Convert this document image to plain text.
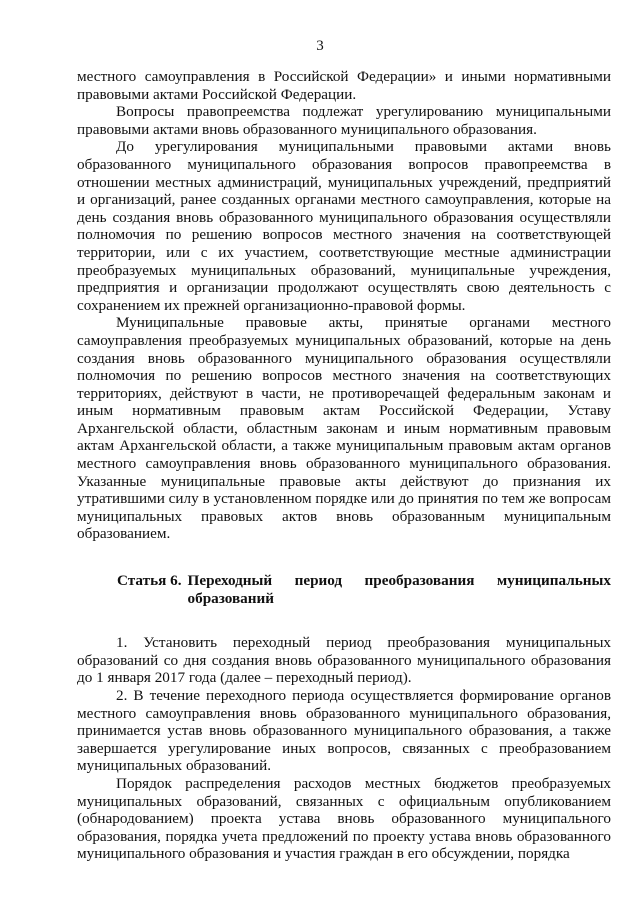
3

местного самоуправления в Российской Федерации» и иными нормативными правовыми актами Российской Федерации.

Вопросы правопреемства подлежат урегулированию муниципальными правовыми актами вновь образованного муниципального образования.

До урегулирования муниципальными правовыми актами вновь образованного муниципального образования вопросов правопреемства в отношении местных администраций, муниципальных учреждений, предприятий и организаций, ранее созданных органами местного самоуправления, которые на день создания вновь образованного муниципального образования осуществляли полномочия по решению вопросов местного значения на соответствующей территории, или с их участием, соответствующие местные администрации преобразуемых муниципальных образований, муниципальные учреждения, предприятия и организации продолжают осуществлять свою деятельность с сохранением их прежней организационно-правовой формы.

Муниципальные правовые акты, принятые органами местного самоуправления преобразуемых муниципальных образований, которые на день создания вновь образованного муниципального образования осуществляли полномочия по решению вопросов местного значения на соответствующих территориях, действуют в части, не противоречащей федеральным законам и иным нормативным правовым актам Российской Федерации, Уставу Архангельской области, областным законам и иным нормативным правовым актам Архангельской области, а также муниципальным правовым актам органов местного самоуправления вновь образованного муниципального образования. Указанные муниципальные правовые акты действуют до признания их утратившими силу в установленном порядке или до принятия по тем же вопросам муниципальных правовых актов вновь образованным муниципальным образованием.

Статья 6. Переходный период преобразования муниципальных образований

1. Установить переходный период преобразования муниципальных образований со дня создания вновь образованного муниципального образования до 1 января 2017 года (далее – переходный период).

2. В течение переходного периода осуществляется формирование органов местного самоуправления вновь образованного муниципального образования, принимается устав вновь образованного муниципального образования, а также завершается урегулирование иных вопросов, связанных с преобразованием муниципальных образований.

Порядок распределения расходов местных бюджетов преобразуемых муниципальных образований, связанных с официальным опубликованием (обнародованием) проекта устава вновь образованного муниципального образования, порядка учета предложений по проекту устава вновь образованного муниципального образования и участия граждан в его обсуждении, порядка
